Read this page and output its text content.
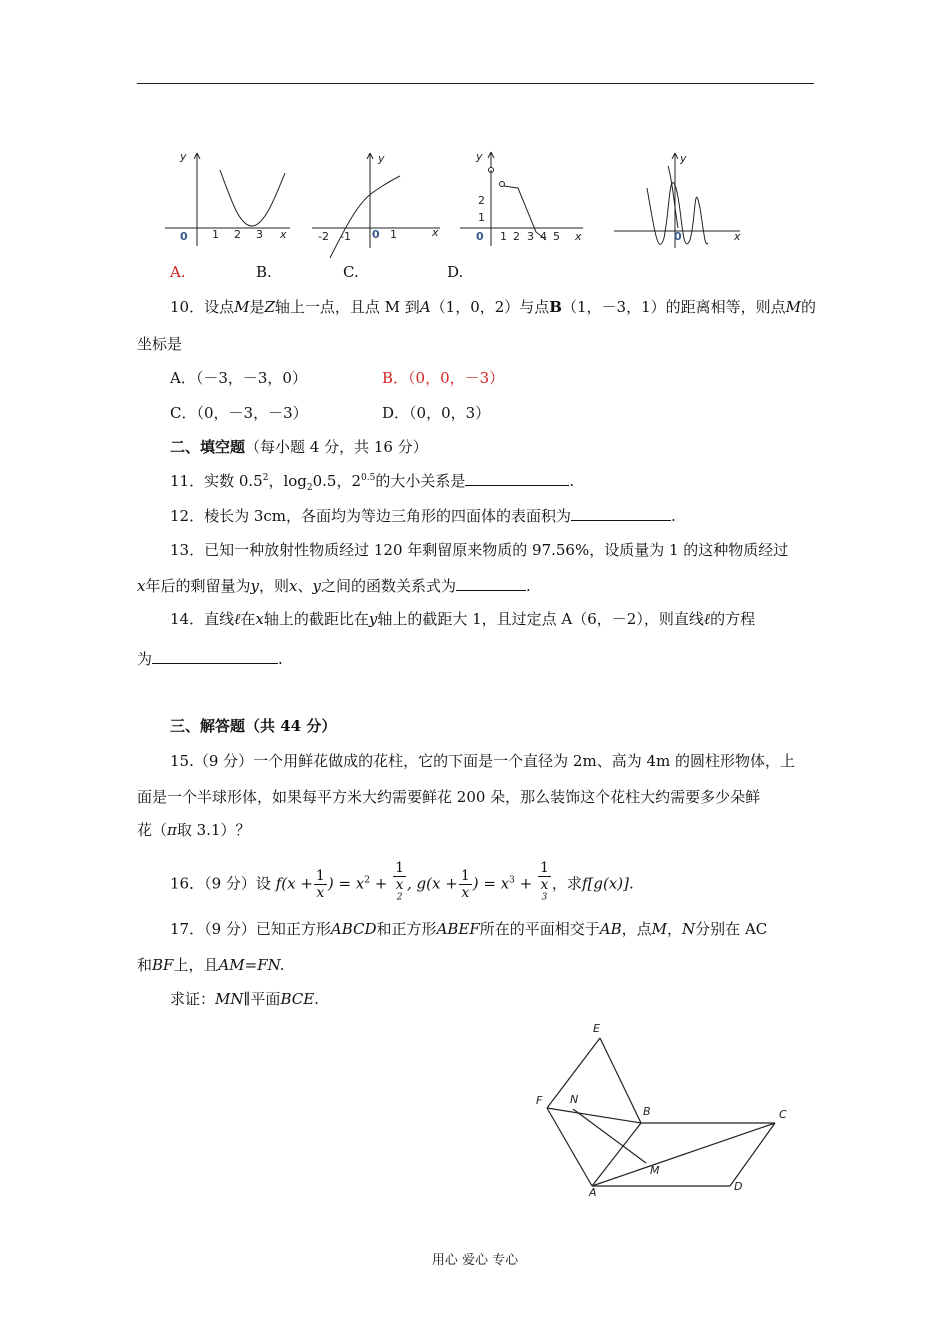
y
0 1 2 3 x
y
-2 -1 0 1	x
y
2
1
0 1 2 3 4 5 x
y
0	x
A.	B.	C.	D.
10．设点M是Z轴上一点，且点 M 到A（1，0，2）与点B（1，－3，1）的距离相等，则点M的
坐标是
A．（－3，－3，0）	B．（0，0，－3）
C．（0，－3，－3）	D．（0，0，3）
二、填空题（每小题 4 分，共 16 分）
11．实数 $0.5^2$，$\log_20.5$，$2^{0.5}$的大小关系是	.
12．棱长为 3cm，各面均为等边三角形的四面体的表面积为	.
13．已知一种放射性物质经过 120 年剩留原来物质的 97.56%，设质量为 1 的这种物质经过
x年后的剩留量为y，则x、y之间的函数关系式为	.
14．直线ℓ在x轴上的截距比在y轴上的截距大 1，且过定点 A（6，－2），则直线ℓ的方程
为	.
三、解答题（共 44 分）
15.（9 分）一个用鲜花做成的花柱，它的下面是一个直径为 2m、高为 4m 的圆柱形物体，上
面是一个半球形体，如果每平方米大约需要鲜花 200 朵，那么装饰这个花柱大约需要多少朵鲜
花（π取 3.1）？
16．（9 分）设 $f(x + \frac{1}{x}$ ) = $x^2 + 1$
x
$^2$ , $g(x + \frac{1}{x}$ ) = $x^3 + 1$
x
$^3$ ，求f[g(x)].
17．（9 分）已知正方形ABCD和正方形ABEF所在的平面相交于AB，点M，N分别在 AC
和BF上，且AM=FN.
求证：MN∥平面BCE.
E
F	N
B	C
M
A	D
用心 爱心 专心
